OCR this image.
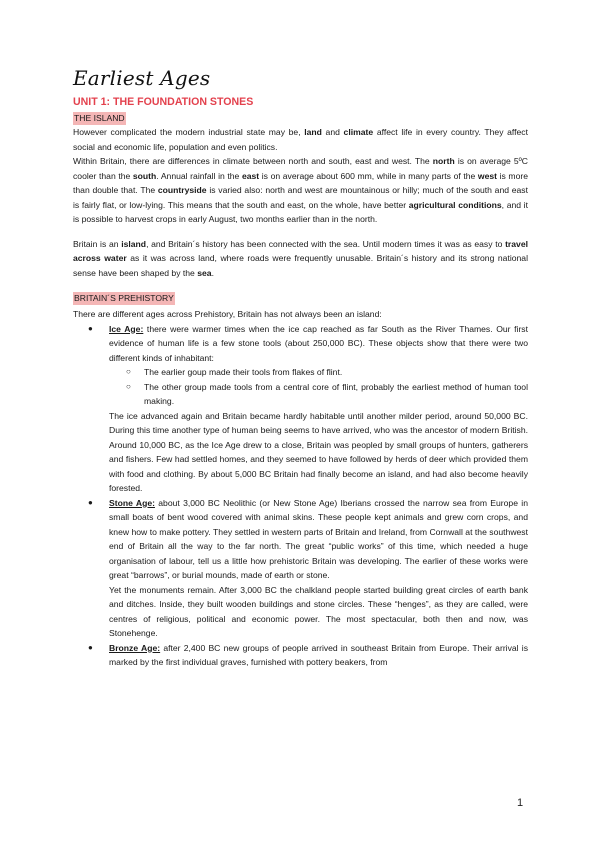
Earliest Ages
UNIT 1: THE FOUNDATION STONES
THE ISLAND

However complicated the modern industrial state may be, land and climate affect life in every country. They affect social and economic life, population and even politics.

Within Britain, there are differences in climate between north and south, east and west. The north is on average 5ºC cooler than the south. Annual rainfall in the east is on average about 600 mm, while in many parts of the west is more than double that. The countryside is varied also: north and west are mountainous or hilly; much of the south and east is fairly flat, or low-lying. This means that the south and east, on the whole, have better agricultural conditions, and it is possible to harvest crops in early August, two months earlier than in the north.

Britain is an island, and Britain´s history has been connected with the sea. Until modern times it was as easy to travel across water as it was across land, where roads were frequently unusable. Britain´s history and its strong national sense have been shaped by the sea.

BRITAIN´S PREHISTORY

There are different ages across Prehistory, Britain has not always been an island:

● Ice Age: there were warmer times when the ice cap reached as far South as the River Thames. Our first evidence of human life is a few stone tools (about 250,000 BC). These objects show that there were two different kinds of inhabitant:
○ The earlier goup made their tools from flakes of flint.
○ The other group made tools from a central core of flint, probably the earliest method of human tool making.
The ice advanced again and Britain became hardly habitable until another milder period, around 50,000 BC. During this time another type of human being seems to have arrived, who was the ancestor of modern British. Around 10,000 BC, as the Ice Age drew to a close, Britain was peopled by small groups of hunters, gatherers and fishers. Few had settled homes, and they seemed to have followed by herds of deer which provided them with food and clothing. By about 5,000 BC Britain had finally become an island, and had also become heavily forested.
● Stone Age: about 3,000 BC Neolithic (or New Stone Age) Iberians crossed the narrow sea from Europe in small boats of bent wood covered with animal skins. These people kept animals and grew corn crops, and knew how to make pottery. They settled in western parts of Britain and Ireland, from Cornwall at the southwest end of Britain all the way to the far north. The great “public works” of this time, which needed a huge organisation of labour, tell us a little how prehistoric Britain was developing. The earlier of these works were great “barrows”, or burial mounds, made of earth or stone.
Yet the monuments remain. After 3,000 BC the chalkland people started building great circles of earth bank and ditches. Inside, they built wooden buildings and stone circles. These “henges”, as they are called, were centres of religious, political and economic power. The most spectacular, both then and now, was Stonehenge.
● Bronze Age: after 2,400 BC new groups of people arrived in southeast Britain from Europe. Their arrival is marked by the first individual graves, furnished with pottery beakers, from
1
